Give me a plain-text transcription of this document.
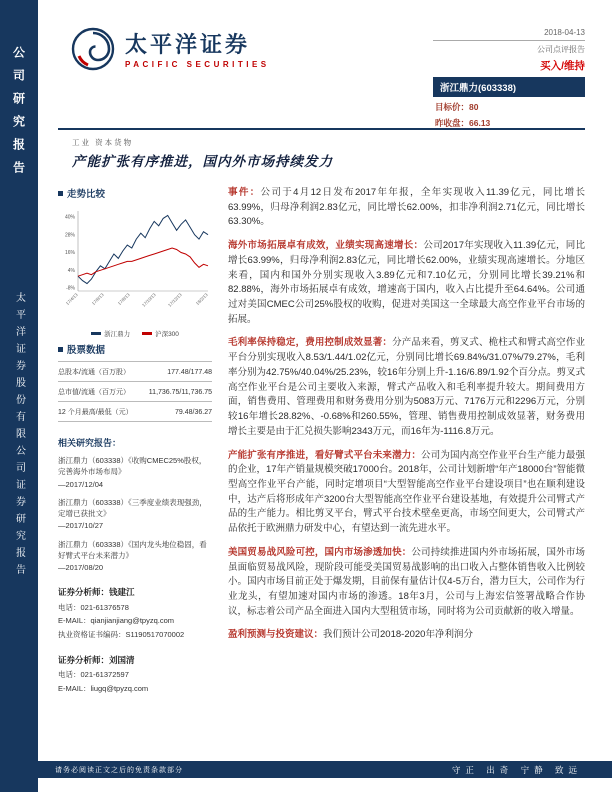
公司研究报告
太平洋证券股份有限公司证券研究报告
太平洋证券
PACIFIC SECURITIES
2018-04-13
公司点评报告
买入/维持
浙江鼎力(603338)
目标价：80
昨收盘：66.13
工业 资本货物
产能扩张有序推进，国内外市场持续发力
走势比较
40%
28%
16%
4%
-8%
17/4/13	17/6/13	17/8/13 17/10/13 17/12/13	18/2/13
浙江鼎力	沪深300
股票数据
总股本/流通（百万股）	177.48/177.48
总市值/流通（百万元）	11,736.75/11,736.75
12 个月最高/最低（元）	79.48/36.27
相关研究报告：
浙江鼎力（603338）《收购CMEC25%股权，完善海外市场布局》
—2017/12/04
浙江鼎力（603338）《三季度业绩表现强劲，定增已获批文》
—2017/10/27
浙江鼎力（603338）《国内龙头地位稳固，看好臂式平台未来潜力》
—2017/08/20
证券分析师：钱建江
电话：021-61376578
E-MAIL：qianjianjiang@tpyzq.com
执业资格证书编码：S1190517070002
证券分析师：刘国清
电话：021-61372597
E-MAIL：liugq@tpyzq.com

事件：公司于4月12日发布2017年年报，全年实现收入11.39亿元，同比增长63.99%，归母净利润2.83亿元，同比增长62.00%，扣非净利润2.71亿元，同比增长63.30%。

海外市场拓展卓有成效，业绩实现高速增长：公司2017年实现收入11.39亿元，同比增长63.99%，归母净利润2.83亿元，同比增长62.00%，业绩实现高速增长。分地区来看，国内和国外分别实现收入3.89亿元和7.10亿元，分别同比增长39.21%和82.88%，海外市场拓展卓有成效，增速高于国内，收入占比提升至64.64%。公司通过对美国CMEC公司25%股权的收购，促进对美国这一全球最大高空作业平台市场的拓展。

毛利率保持稳定，费用控制成效显著：分产品来看，剪叉式、桅柱式和臂式高空作业平台分别实现收入8.53/1.44/1.02亿元，分别同比增长69.84%/31.07%/79.27%，毛利率分别为42.75%/40.04%/25.23%，较16年分别上升-1.16/6.89/1.92个百分点。剪叉式高空作业平台是公司主要收入来源，臂式产品收入和毛利率提升较大。期间费用方面，销售费用、管理费用和财务费用分别为5083万元、7176万元和2296万元，分别较16年增长28.82%、-0.68%和260.55%，管理、销售费用控制成效显著，财务费用增长主要是由于汇兑损失影响2343万元，而16年为-1116.8万元。

产能扩张有序推进，看好臂式平台未来潜力：公司为国内高空作业平台生产能力最强的企业，17年产销量规模突破17000台。2018年，公司计划新增“年产18000台”智能微型高空作业平台产能，同时定增项目“大型智能高空作业平台建设项目”也在顺利建设中，达产后将形成年产3200台大型智能高空作业平台建设基地，有效提升公司臂式产品的生产能力。相比剪叉平台，臂式平台技术壁垒更高，市场空间更大，公司臂式产品依托于欧洲鼎力研发中心，有望达到一流先进水平。

美国贸易战风险可控，国内市场渗透加快：公司持续推进国内外市场拓展，国外市场虽面临贸易战风险，现阶段可能受美国贸易战影响的出口收入占整体销售收入比例较小。国内市场目前正处于爆发期，目前保有量估计仅4-5万台，潜力巨大，公司作为行业龙头，有望加速对国内市场的渗透。18年3月，公司与上海宏信签署战略合作协议，标志着公司产品全面进入国内大型租赁市场，同时将为公司贡献新的收入增量。

盈利预测与投资建议：我们预计公司2018-2020年净利润分

请务必阅读正文之后的免责条款部分	守正 出奇 宁静 致远
